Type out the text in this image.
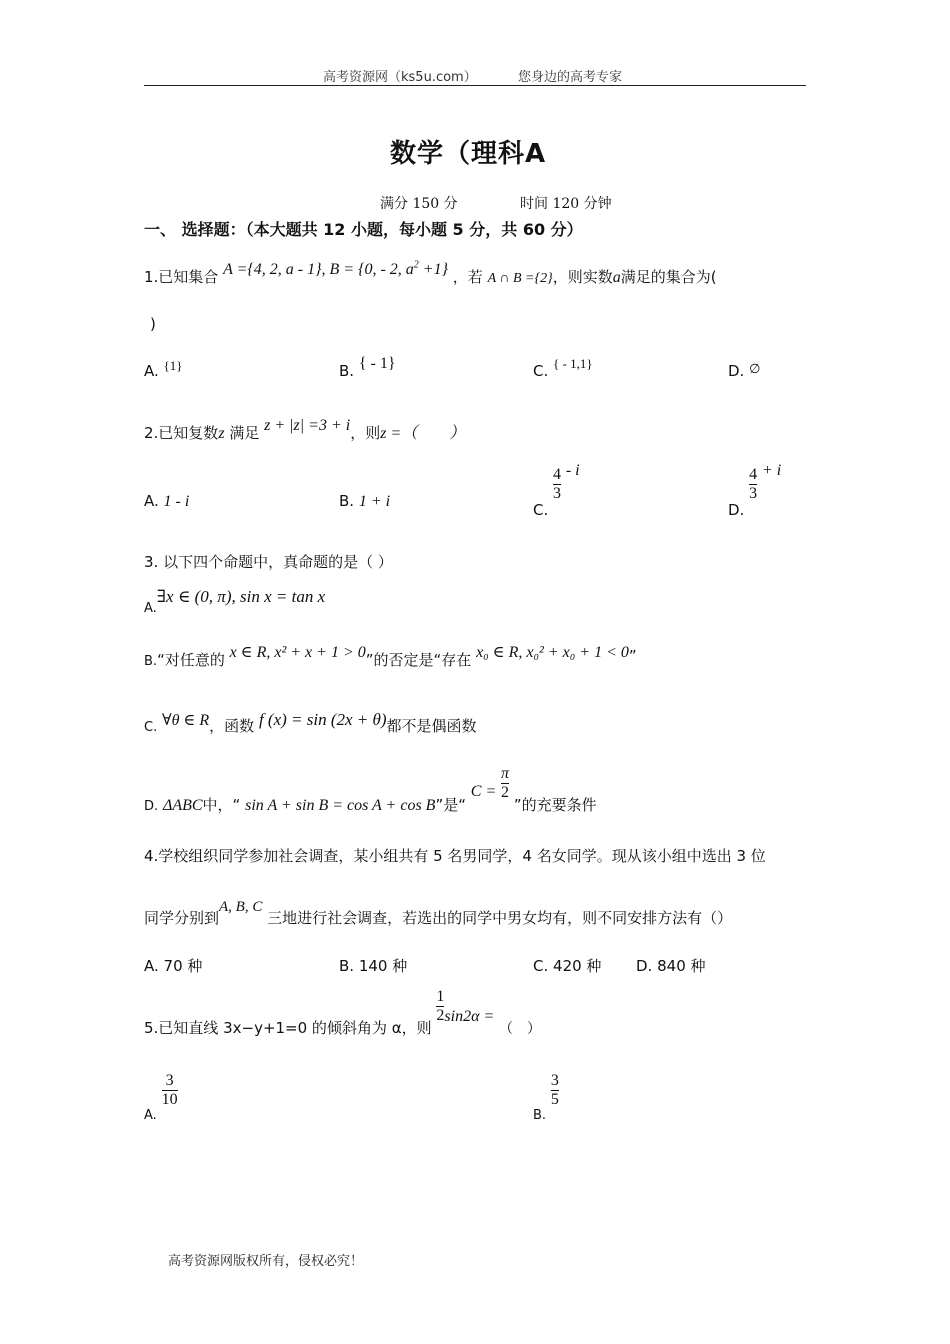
高考资源网（ks5u.com）	您身边的高考专家
数学（理科A
满分 150 分	时间 120 分钟
一、 选择题：（本大题共 12 小题，每小题 5 分，共 60 分）
1.已知集合 A ={4, 2, a - 1}, B = {0, - 2, $a^2 +1$} ，若 A ∩ B ={2}，则实数a满足的集合为(
)
A. {1}	B. { - 1}	C. { - 1,1}	D. ∅
2.已知复数z 满足 z + |z| =3 + i，则z =（　　）
A. 1 - i	B. 1 + i	C.
$\frac{4}{3}$ - i
D.
$\frac{4}{3} + i$
3. 以下四个命题中，真命题的是（ ）
A.∃x ∈ (0, π), sin x = tan x
B.“对任意的 x ∈ R, x² + x + 1 > 0”的否定是“存在 x₀ ∈ R, x₀² + x₀ + 1 < 0”
C. ∀θ ∈ R，函数 f (x) = sin (2x + θ)都不是偶函数
D. ΔABC中，“ sin A + sin B = cos A + cos B”是“ $C = \frac{\pi}{2}$
”的充要条件
4.学校组织同学参加社会调查，某小组共有 5 名男同学，4 名女同学。现从该小组中选出 3 位
同学分别到A, B, C 三地进行社会调查，若选出的同学中男女均有，则不同安排方法有（）
A. 70 种	B. 140 种	C. 420 种 D. 840 种
5.已知直线 3x−y+1=0 的倾斜角为 α，则
$\frac{1}{2} \sin 2\alpha$ = （　）
A.
$\frac{3}{10}$
B.
$\frac{3}{5}$
高考资源网版权所有，侵权必究！
